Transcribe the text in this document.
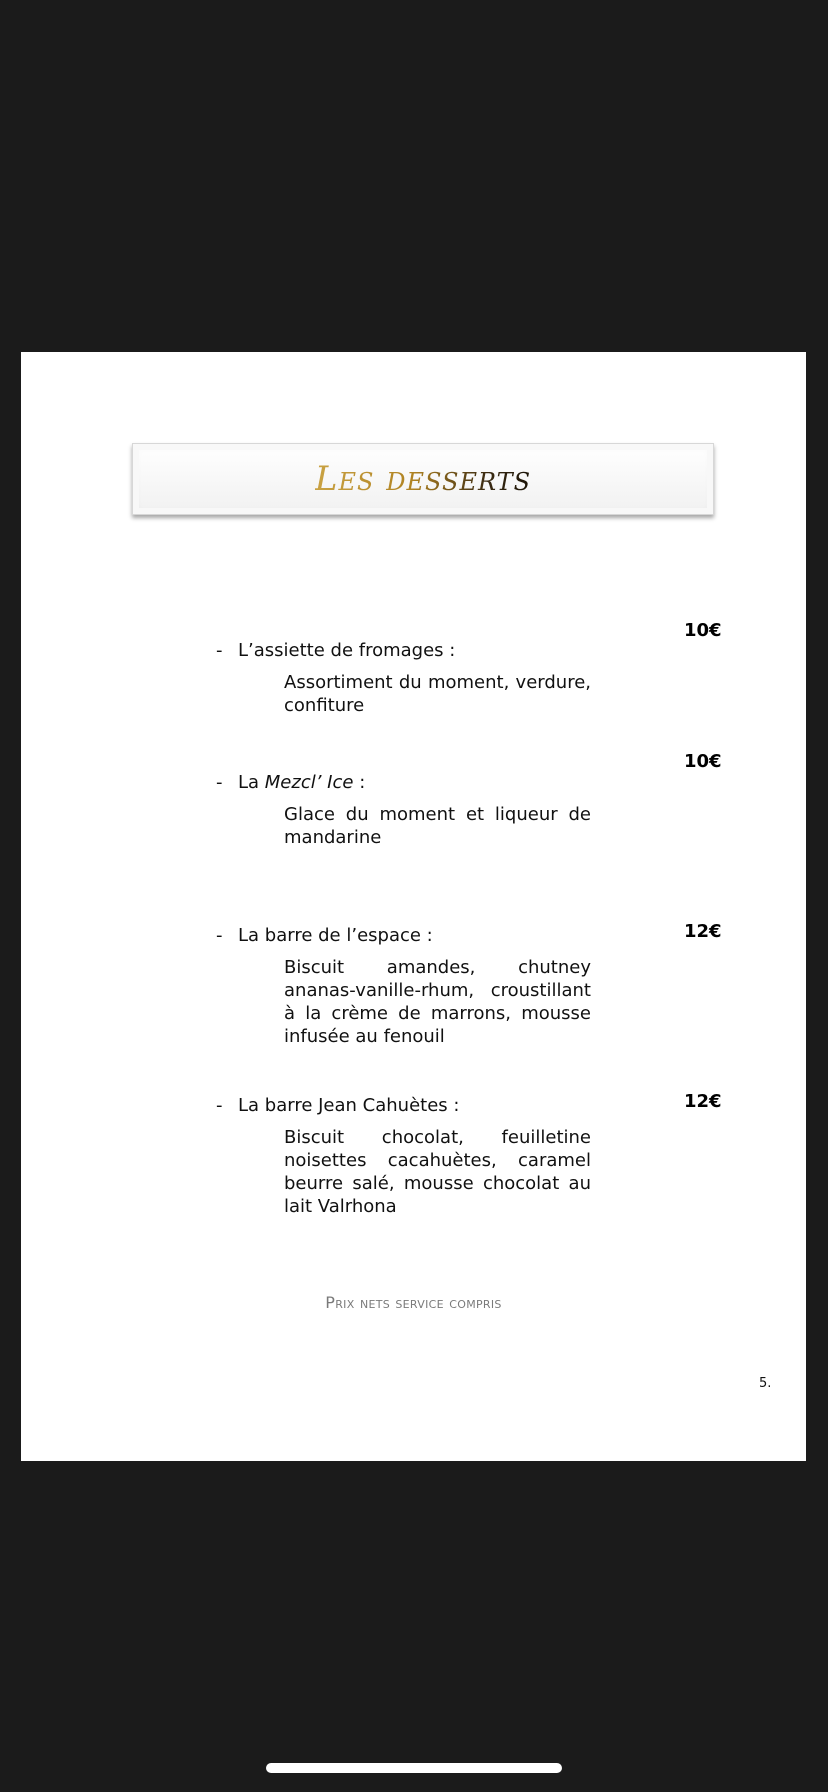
Les desserts
10€
- L’assiette de fromages :
Assortiment du moment, verdure, confiture
10€
- La Mezcl’ Ice :
Glace du moment et liqueur de mandarine
12€
- La barre de l’espace :
Biscuit amandes, chutney ananas-vanille-rhum, croustillant à la crème de marrons, mousse infusée au fenouil
12€
- La barre Jean Cahuètes :
Biscuit chocolat, feuilletine noisettes cacahuètes, caramel beurre salé, mousse chocolat au lait Valrhona
Prix nets service compris
5.
